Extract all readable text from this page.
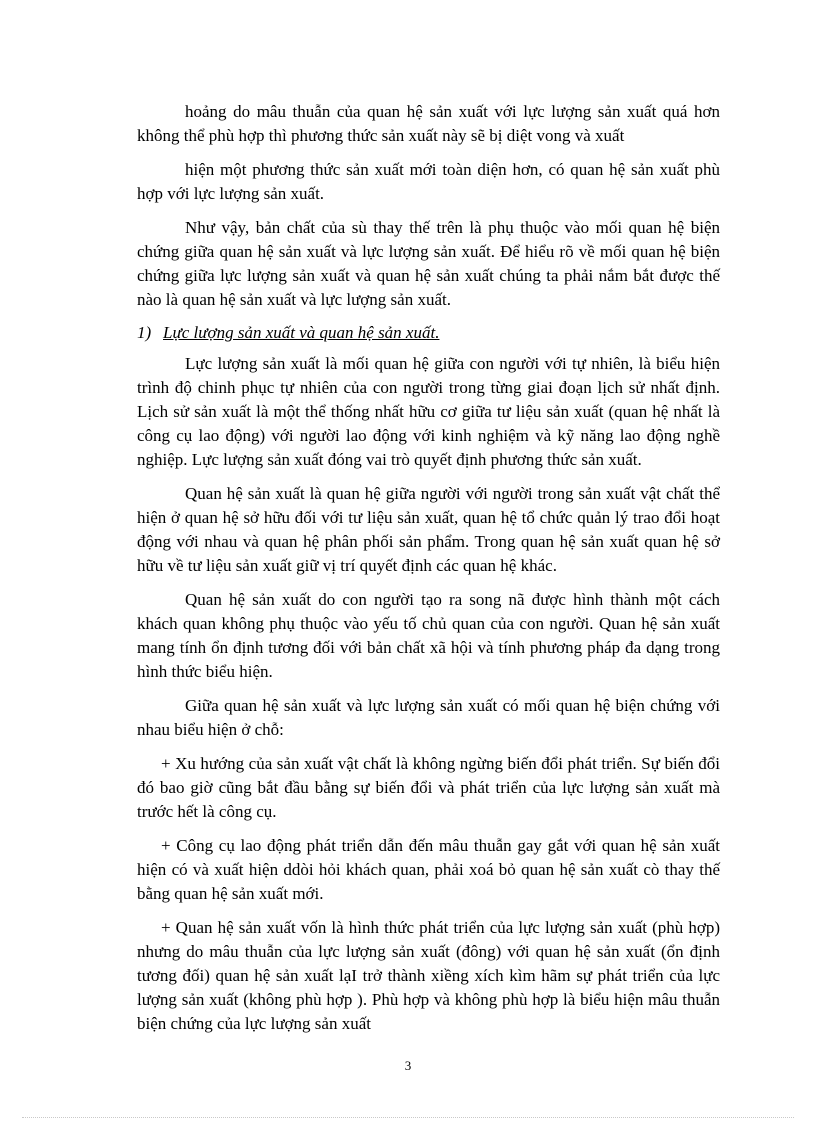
hoảng do mâu thuẫn của quan hệ sản xuất với lực lượng sản xuất quá hơn không thể phù hợp thì phương thức sản xuất này sẽ bị diệt vong và xuất

hiện một phương thức sản xuất mới toàn diện hơn, có quan hệ sản xuất phù hợp với lực lượng sản xuất.

Như vậy, bản chất của sù thay thế trên là phụ thuộc vào mối quan hệ biện chứng giữa quan hệ sản xuất và lực lượng sản xuất. Để hiểu rõ về mối quan hệ biện chứng giữa lực lượng sản xuất và quan hệ sản xuất chúng ta phải nắm bắt được thế nào là quan hệ sản xuất và lực lượng sản xuất.

1) Lực lượng sản xuất và quan hệ sản xuất.

Lực lượng sản xuất là mối quan hệ giữa con người với tự nhiên, là biểu hiện trình độ chinh phục tự nhiên của con người trong từng giai đoạn lịch sử nhất định. Lịch sử sản xuất là một thể thống nhất hữu cơ giữa tư liệu sản xuất (quan hệ nhất là công cụ lao động) với người lao động với kinh nghiệm và kỹ năng lao động nghề nghiệp. Lực lượng sản xuất đóng vai trò quyết định phương thức sản xuất.

Quan hệ sản xuất là quan hệ giữa người với người trong sản xuất vật chất thể hiện ở quan hệ sở hữu đối với tư liệu sản xuất, quan hệ tổ chức quản lý trao đổi hoạt động với nhau và quan hệ phân phối sản phẩm. Trong quan hệ sản xuất quan hệ sở hữu về tư liệu sản xuất giữ vị trí quyết định các quan hệ khác.

Quan hệ sản xuất do con người tạo ra song nã được hình thành một cách khách quan không phụ thuộc vào yếu tố chủ quan của con người. Quan hệ sản xuất mang tính ổn định tương đối với bản chất xã hội và tính phương pháp đa dạng trong hình thức biểu hiện.

Giữa quan hệ sản xuất và lực lượng sản xuất có mối quan hệ biện chứng với nhau biểu hiện ở chỗ:

+ Xu hướng của sản xuất vật chất là không ngừng biến đổi phát triển. Sự biến đổi đó bao giờ cũng bắt đầu bằng sự biến đổi và phát triển của lực lượng sản xuất mà trước hết là công cụ.

+ Công cụ lao động phát triển dẫn đến mâu thuẫn gay gắt với quan hệ sản xuất hiện có và xuất hiện ddòi hỏi khách quan, phải xoá bỏ quan hệ sản xuất cò thay thế bằng quan hệ sản xuất mới.

+ Quan hệ sản xuất vốn là hình thức phát triển của lực lượng sản xuất (phù hợp) nhưng do mâu thuẫn của lực lượng sản xuất (đông) với quan hệ sản xuất (ổn định tương đối) quan hệ sản xuất lạI trở thành xiềng xích kìm hãm sự phát triển của lực lượng sản xuất (không phù hợp ). Phù hợp và không phù hợp là biểu hiện mâu thuẫn biện chứng của lực lượng sản xuất

3
